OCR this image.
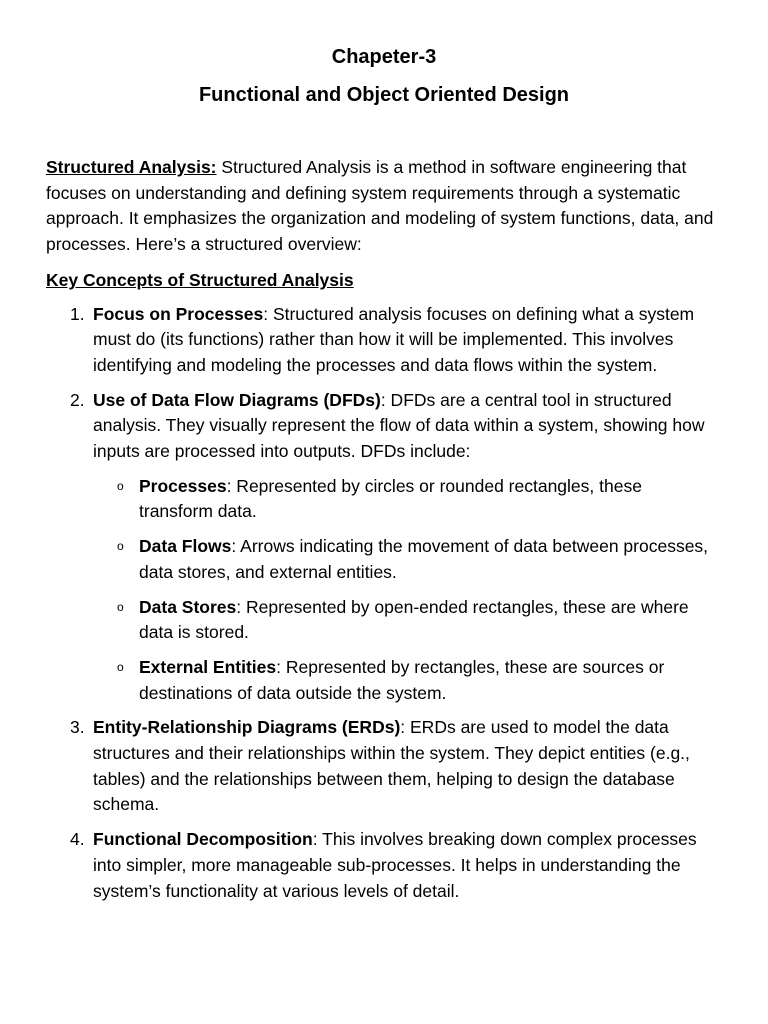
Chapeter-3
Functional and Object Oriented Design

Structured Analysis: Structured Analysis is a method in software engineering that focuses on understanding and defining system requirements through a systematic approach. It emphasizes the organization and modeling of system functions, data, and processes. Here’s a structured overview:

Key Concepts of Structured Analysis
1. Focus on Processes: Structured analysis focuses on defining what a system must do (its functions) rather than how it will be implemented. This involves identifying and modeling the processes and data flows within the system.
2. Use of Data Flow Diagrams (DFDs): DFDs are a central tool in structured analysis. They visually represent the flow of data within a system, showing how inputs are processed into outputs. DFDs include:
o Processes: Represented by circles or rounded rectangles, these transform data.
o Data Flows: Arrows indicating the movement of data between processes, data stores, and external entities.
o Data Stores: Represented by open-ended rectangles, these are where data is stored.
o External Entities: Represented by rectangles, these are sources or destinations of data outside the system.
3. Entity-Relationship Diagrams (ERDs): ERDs are used to model the data structures and their relationships within the system. They depict entities (e.g., tables) and the relationships between them, helping to design the database schema.
4. Functional Decomposition: This involves breaking down complex processes into simpler, more manageable sub-processes. It helps in understanding the system’s functionality at various levels of detail.
